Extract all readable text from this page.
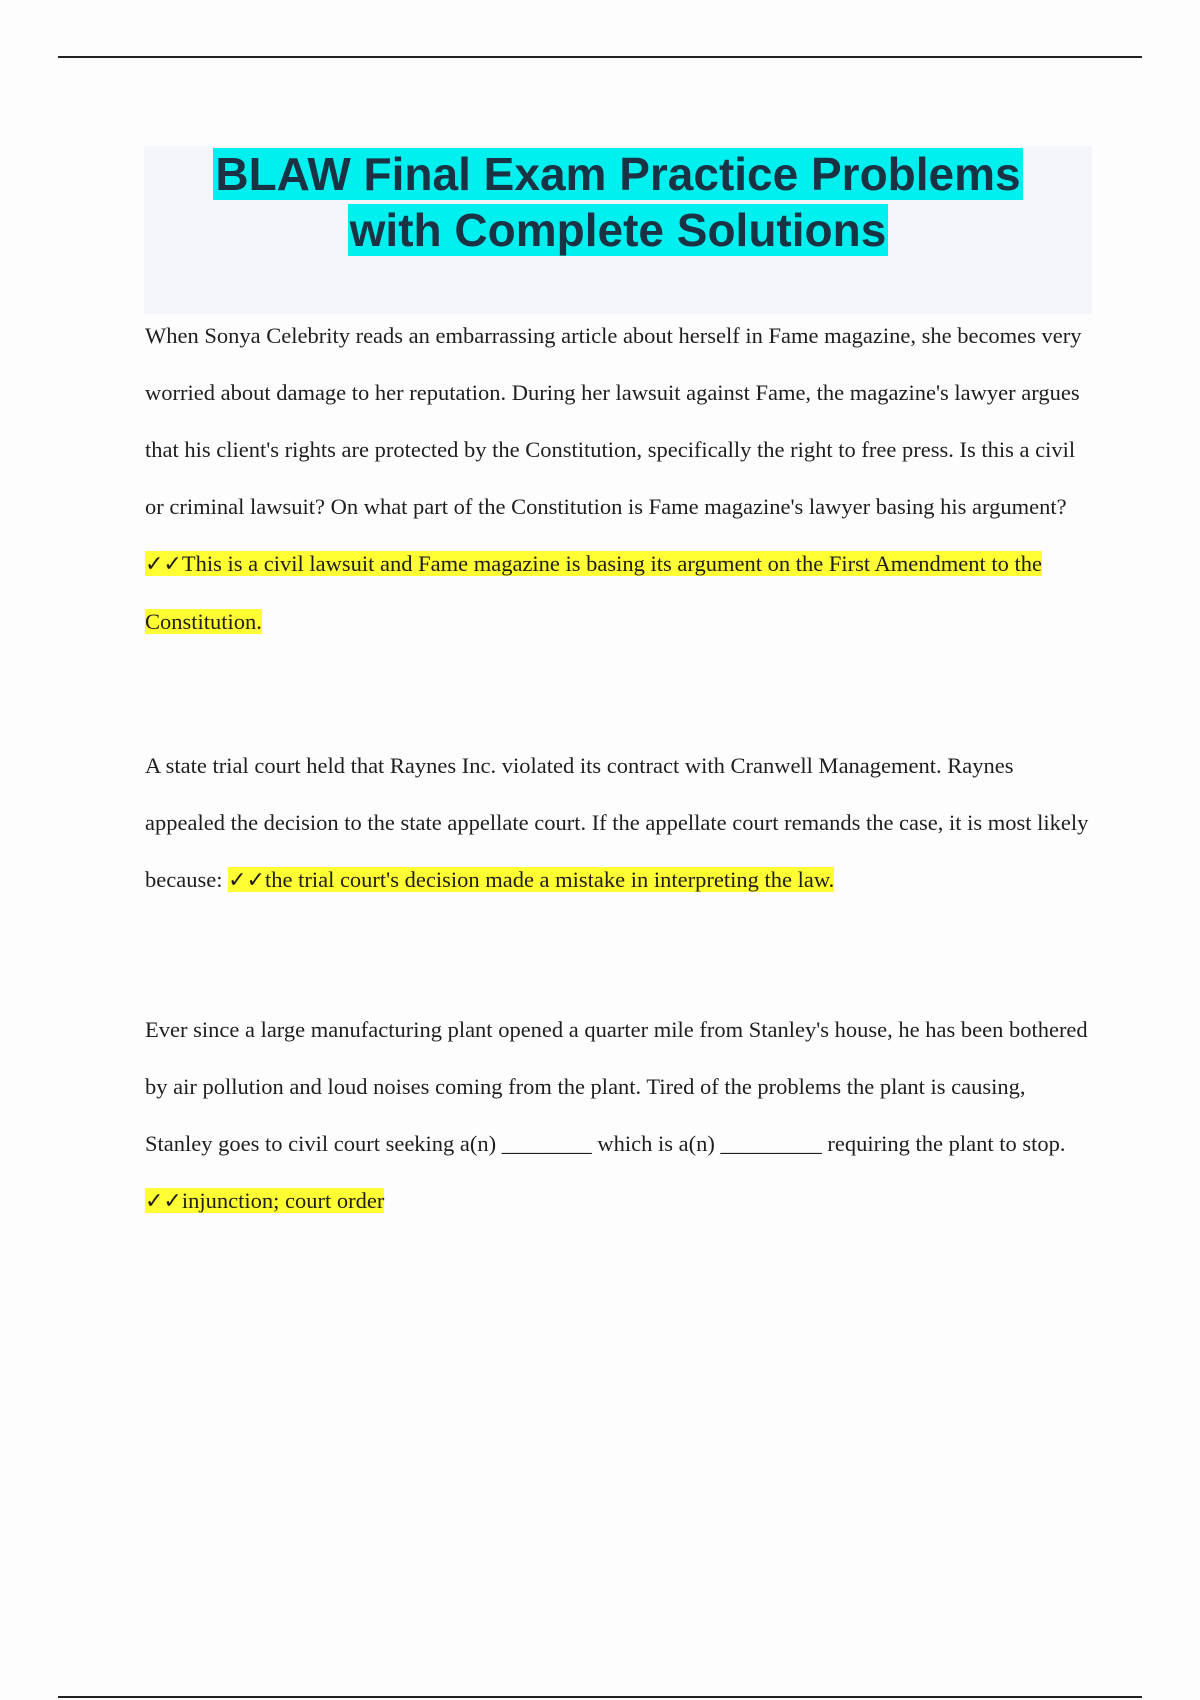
BLAW Final Exam Practice Problems
with Complete Solutions

When Sonya Celebrity reads an embarrassing article about herself in Fame magazine, she becomes very worried about damage to her reputation. During her lawsuit against Fame, the magazine's lawyer argues that his client's rights are protected by the Constitution, specifically the right to free press. Is this a civil or criminal lawsuit? On what part of the Constitution is Fame magazine's lawyer basing his argument? ✓✓This is a civil lawsuit and Fame magazine is basing its argument on the First Amendment to the Constitution.

A state trial court held that Raynes Inc. violated its contract with Cranwell Management. Raynes appealed the decision to the state appellate court. If the appellate court remands the case, it is most likely because: ✓✓the trial court's decision made a mistake in interpreting the law.

Ever since a large manufacturing plant opened a quarter mile from Stanley's house, he has been bothered by air pollution and loud noises coming from the plant. Tired of the problems the plant is causing, Stanley goes to civil court seeking a(n) ________ which is a(n) _________ requiring the plant to stop. ✓✓injunction; court order
